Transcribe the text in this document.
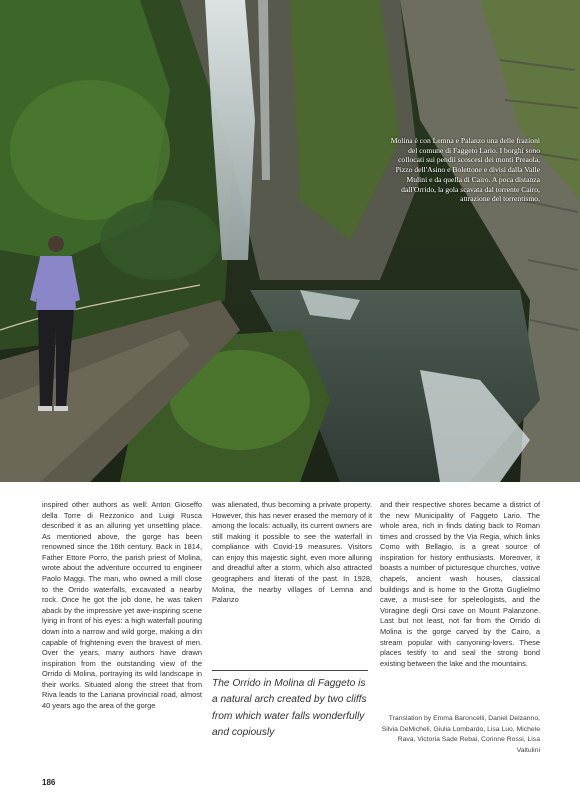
Molina è con Lemna e Palanzo una delle frazioni del comune di Faggeto Lario. I borghi sono collocati sui pendii scoscesi dei monti Preaola, Pizzo dell'Asino e Bolettone e divisi dalla Valle Mulini e da quella di Cairo. A poca distanza dall'Orrido, la gola scavata dal torrente Cairo, attrazione del torrentismo.
inspired other authors as well: Anton Gioseffo della Torre di Rezzonico and Luigi Rusca described it as an alluring yet unsettling place. As mentioned above, the gorge has been renowned since the 16th century. Back in 1814, Father Ettore Porro, the parish priest of Molina, wrote about the adventure occurred to engineer Paolo Maggi. The man, who owned a mill close to the Orrido waterfalls, excavated a nearby rock. Once he got the job done, he was taken aback by the impressive yet awe-inspiring scene lying in front of his eyes: a high waterfall pouring down into a narrow and wild gorge, making a din capable of frightening even the bravest of men. Over the years, many authors have drawn inspiration from the outstanding view of the Orrido di Molina, portraying its wild landscape in their works. Situated along the street that from Riva leads to the Lariana provincial road, almost 40 years ago the area of the gorge
was alienated, thus becoming a private property. However, this has never erased the memory of it among the locals: actually, its current owners are still making it possible to see the waterfall in compliance with Covid-19 measures. Visitors can enjoy this majestic sight, even more alluring and dreadful after a storm, which also attracted geographers and literati of the past. In 1928, Molina, the nearby villages of Lemna and Palanzo
and their respective shores became a district of the new Municipality of Faggeto Lario. The whole area, rich in finds dating back to Roman times and crossed by the Via Regia, which links Como with Bellagio, is a great source of inspiration for history enthusiasts. Moreover, it boasts a number of picturesque churches, votive chapels, ancient wash houses, classical buildings and is home to the Grotta Guglielmo cave, a must-see for speleologists, and the Voragine degli Orsi cave on Mount Palanzone. Last but not least, not far from the Orrido di Molina is the gorge carved by the Cairo, a stream popular with canyoning-lovers. These places testify to and seal the strong bond existing between the lake and the mountains.
The Orrido in Molina di Faggeto is a natural arch created by two cliffs from which water falls wonderfully and copiously
Translation by Emma Baroncelli, Daniel Delzanno, Silvia DeMicheli, Giulia Lombardo, Lisa Luo, Michele Rava, Victoria Sade Rebai, Corinne Rossi, Lisa Valtulini
186
